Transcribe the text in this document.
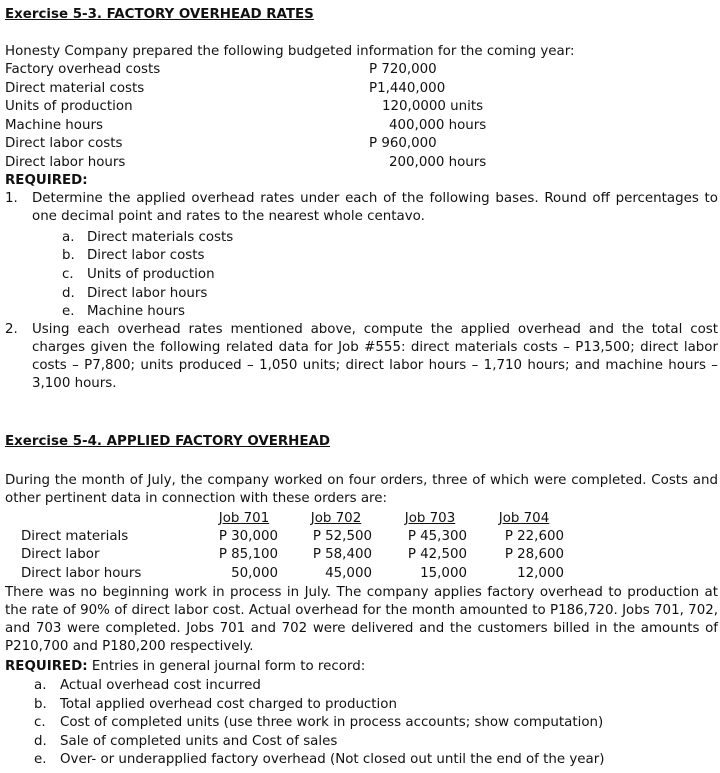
Exercise 5-3. FACTORY OVERHEAD RATES
Honesty Company prepared the following budgeted information for the coming year:
Factory overhead costs	P 720,000
Direct material costs	P1,440,000
Units of production	120,0000 units
Machine hours	400,000 hours
Direct labor costs	P 960,000
Direct labor hours	200,000 hours
REQUIRED:
1. Determine the applied overhead rates under each of the following bases. Round off percentages to one decimal point and rates to the nearest whole centavo.
a. Direct materials costs
b. Direct labor costs
c. Units of production
d. Direct labor hours
e. Machine hours
2. Using each overhead rates mentioned above, compute the applied overhead and the total cost charges given the following related data for Job #555: direct materials costs – P13,500; direct labor costs – P7,800; units produced – 1,050 units; direct labor hours – 1,710 hours; and machine hours – 3,100 hours.
Exercise 5-4. APPLIED FACTORY OVERHEAD
During the month of July, the company worked on four orders, three of which were completed. Costs and other pertinent data in connection with these orders are:
Job 701	Job 702	Job 703	Job 704
Direct materials	P 30,000	P 52,500	P 45,300	P 22,600
Direct labor	P 85,100	P 58,400	P 42,500	P 28,600
Direct labor hours	50,000	45,000	15,000	12,000
There was no beginning work in process in July. The company applies factory overhead to production at the rate of 90% of direct labor cost. Actual overhead for the month amounted to P186,720. Jobs 701, 702, and 703 were completed. Jobs 701 and 702 were delivered and the customers billed in the amounts of P210,700 and P180,200 respectively.
REQUIRED: Entries in general journal form to record:
a. Actual overhead cost incurred
b. Total applied overhead cost charged to production
c. Cost of completed units (use three work in process accounts; show computation)
d. Sale of completed units and Cost of sales
e. Over- or underapplied factory overhead (Not closed out until the end of the year)
